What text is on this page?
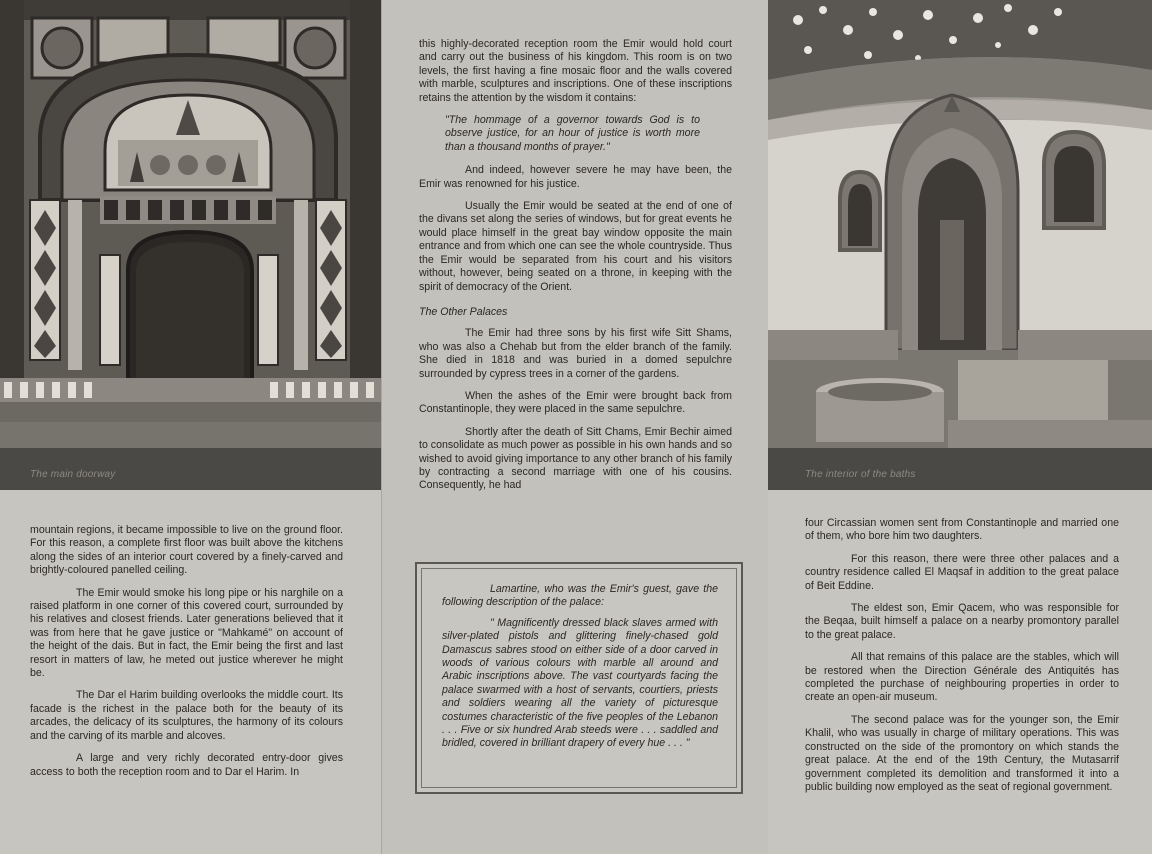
The main doorway

mountain regions, it became impossible to live on the ground floor. For this reason, a complete first floor was built above the kitchens along the sides of an interior court covered by a finely-carved and brightly-coloured panelled ceiling.

The Emir would smoke his long pipe or his narghile on a raised platform in one corner of this covered court, surrounded by his relatives and closest friends. Later generations believed that it was from here that he gave justice or "Mahkamé" on account of the height of the dais. But in fact, the Emir being the first and last resort in matters of law, he meted out justice wherever he might be.

The Dar el Harim building overlooks the middle court. Its facade is the richest in the palace both for the beauty of its arcades, the delicacy of its sculptures, the harmony of its colours and the carving of its marble and alcoves.

A large and very richly decorated entry-door gives access to both the reception room and to Dar el Harim. In

this highly-decorated reception room the Emir would hold court and carry out the business of his kingdom. This room is on two levels, the first having a fine mosaic floor and the walls covered with marble, sculptures and inscriptions. One of these inscriptions retains the attention by the wisdom it contains:

"The hommage of a governor towards God is to observe justice, for an hour of justice is worth more than a thousand months of prayer."

And indeed, however severe he may have been, the Emir was renowned for his justice.

Usually the Emir would be seated at the end of one of the divans set along the series of windows, but for great events he would place himself in the great bay window opposite the main entrance and from which one can see the whole countryside. Thus the Emir would be separated from his court and his visitors without, however, being seated on a throne, in keeping with the spirit of democracy of the Orient.

The Other Palaces

The Emir had three sons by his first wife Sitt Shams, who was also a Chehab but from the elder branch of the family. She died in 1818 and was buried in a domed sepulchre surrounded by cypress trees in a corner of the gardens.

When the ashes of the Emir were brought back from Constantinople, they were placed in the same sepulchre.

Shortly after the death of Sitt Chams, Emir Bechir aimed to consolidate as much power as possible in his own hands and so wished to avoid giving importance to any other branch of his family by contracting a second marriage with one of his cousins. Consequently, he had

Lamartine, who was the Emir's guest, gave the following description of the palace:

" Magnificently dressed black slaves armed with silver-plated pistols and glittering finely-chased gold Damascus sabres stood on either side of a door carved in woods of various colours with marble all around and Arabic inscriptions above. The vast courtyards facing the palace swarmed with a host of servants, courtiers, priests and soldiers wearing all the variety of picturesque costumes characteristic of the five peoples of the Lebanon . . . Five or six hundred Arab steeds were . . . saddled and bridled, covered in brilliant drapery of every hue . . . "

The interior of the baths

four Circassian women sent from Constantinople and married one of them, who bore him two daughters.

For this reason, there were three other palaces and a country residence called El Maqsaf in addition to the great palace of Beit Eddine.

The eldest son, Emir Qacem, who was responsible for the Beqaa, built himself a palace on a nearby promontory parallel to the great palace.

All that remains of this palace are the stables, which will be restored when the Direction Générale des Antiquités has completed the purchase of neighbouring properties in order to create an open-air museum.

The second palace was for the younger son, the Emir Khalil, who was usually in charge of military operations. This was constructed on the side of the promontory on which stands the great palace. At the end of the 19th Century, the Mutasarrif government completed its demolition and transformed it into a public building now employed as the seat of regional government.
